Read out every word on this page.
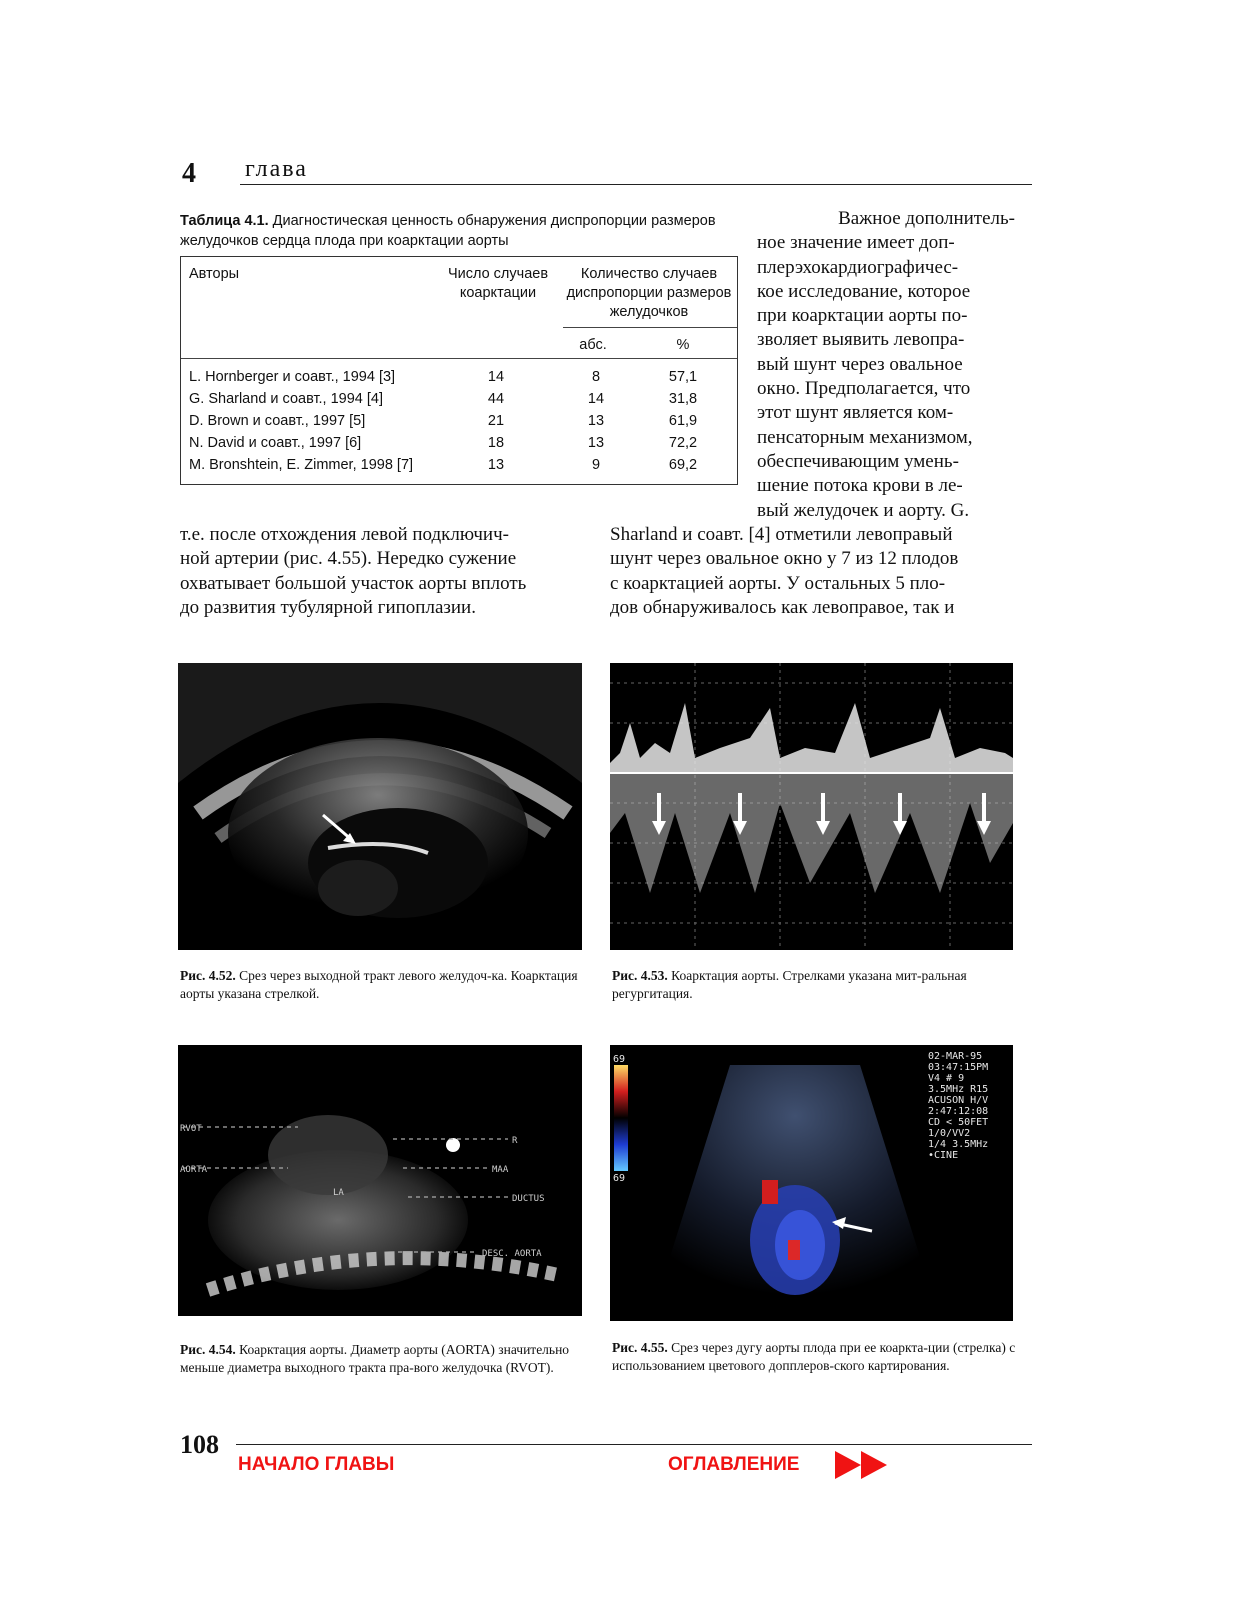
4 глава
Таблица 4.1. Диагностическая ценность обнаружения диспропорции размеров желудочков сердца плода при коарктации аорты
Авторы	Число случаев коарктации
Количество случаев диспропорции размеров желудочков
абс.	%
L. Hornberger и соавт., 1994 [3]	14	8	57,1
G. Sharland и соавт., 1994 [4]	44	14	31,8
D. Brown и соавт., 1997 [5]	21	13	61,9
N. David и соавт., 1997 [6]	18	13	72,2
M. Bronshtein, E. Zimmer, 1998 [7]	13	9	69,2
Важное дополнитель-
ное значение имеет доп-
плерэхокардиографичес-
кое исследование, которое
при коарктации аорты по-
зволяет выявить левопра-
вый шунт через овальное
окно. Предполагается, что
этот шунт является ком-
пенсаторным механизмом,
обеспечивающим умень-
шение потока крови в ле-
вый желудочек и аорту. G.
Sharland и соавт. [4] отметили левоправый
шунт через овальное окно у 7 из 12 плодов
с коарктацией аорты. У остальных 5 пло-
дов обнаруживалось как левоправое, так и
т.е. после отхождения левой подключич-
ной артерии (рис. 4.55). Нередко сужение
охватывает большой участок аорты вплоть
до развития тубулярной гипоплазии.
Рис. 4.52. Срез через выходной тракт левого желудоч-ка. Коарктация аорты указана стрелкой.
Рис. 4.53. Коарктация аорты. Стрелками указана мит-ральная регургитация.
RVOT
AORTA
R
MAA
DUCTUS
LA
DESC. AORTA
Рис. 4.54. Коарктация аорты. Диаметр аорты (AORTA) значительно меньше диаметра выходного тракта пра-вого желудочка (RVOT).
69
69
02-MAR-95
03:47:15PM
V4 # 9
3.5MHz R15
ACUSON H/V
2:47:12:08
CD < 50FET
1/0/VV2
1/4 3.5MHz
•CINE
Рис. 4.55. Срез через дугу аорты плода при ее коаркта-ции (стрелка) с использованием цветового допплеров-ского картирования.
108
НАЧАЛО ГЛАВЫ	ОГЛАВЛЕНИЕ
